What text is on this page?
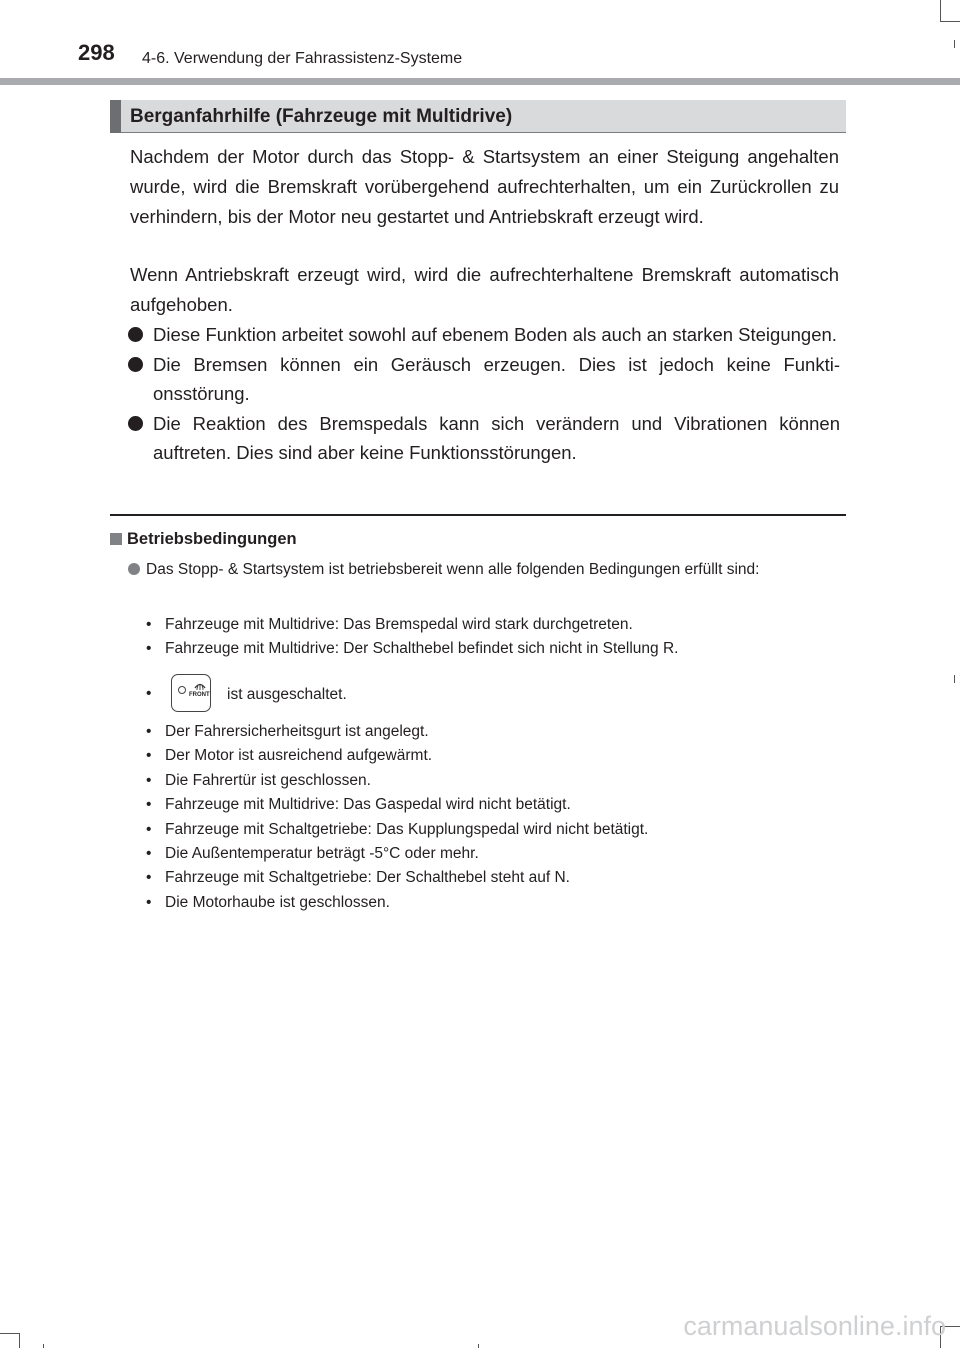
298 4-6. Verwendung der Fahrassistenz-Systeme
Berganfahrhilfe (Fahrzeuge mit Multidrive)
Nachdem der Motor durch das Stopp- & Startsystem an einer Steigung angehalten wurde, wird die Bremskraft vorübergehend aufrechterhalten, um ein Zurückrollen zu verhindern, bis der Motor neu gestartet und Antriebskraft erzeugt wird.
Wenn Antriebskraft erzeugt wird, wird die aufrechterhaltene Bremskraft automatisch aufgehoben.
Diese Funktion arbeitet sowohl auf ebenem Boden als auch an starken Steigungen.
Die Bremsen können ein Geräusch erzeugen. Dies ist jedoch keine Funktionsstörung.
Die Reaktion des Bremspedals kann sich verändern und Vibrationen können auftreten. Dies sind aber keine Funktionsstörungen.
Betriebsbedingungen
Das Stopp- & Startsystem ist betriebsbereit wenn alle folgenden Bedingungen erfüllt sind:
• Fahrzeuge mit Multidrive: Das Bremspedal wird stark durchgetreten.
• Fahrzeuge mit Multidrive: Der Schalthebel befindet sich nicht in Stellung R.
•	FRONT ist ausgeschaltet.
• Der Fahrersicherheitsgurt ist angelegt.
• Der Motor ist ausreichend aufgewärmt.
• Die Fahrertür ist geschlossen.
• Fahrzeuge mit Multidrive: Das Gaspedal wird nicht betätigt.
• Fahrzeuge mit Schaltgetriebe: Das Kupplungspedal wird nicht betätigt.
• Die Außentemperatur beträgt -5°C oder mehr.
• Fahrzeuge mit Schaltgetriebe: Der Schalthebel steht auf N.
• Die Motorhaube ist geschlossen.
carmanualsonline.info
